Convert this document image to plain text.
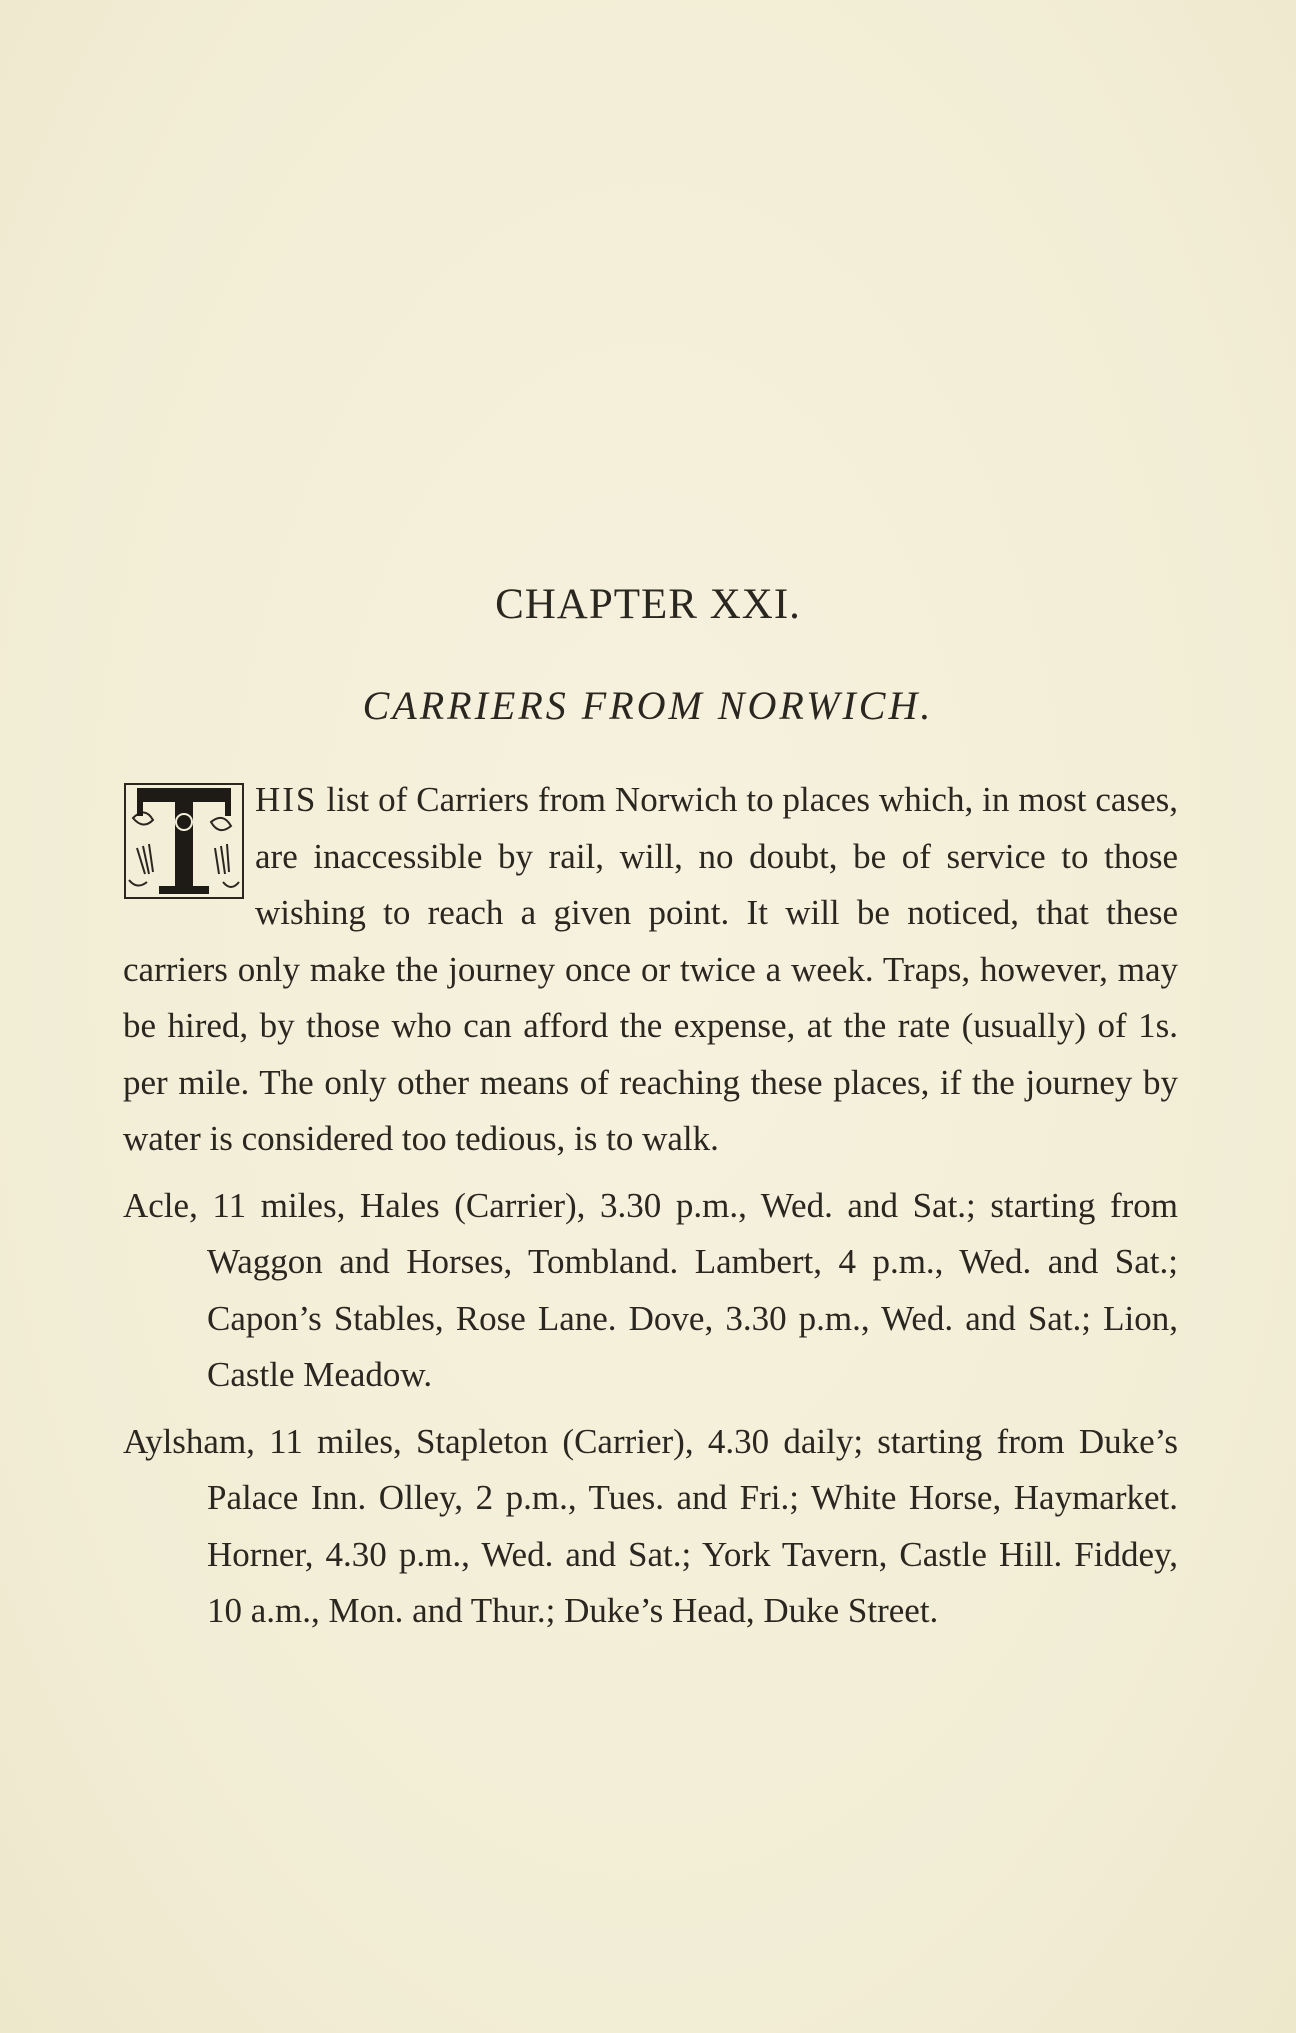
CHAPTER XXI.
CARRIERS FROM NORWICH.

HIS list of Carriers from Norwich to places which, in most cases, are inaccessible by rail, will, no doubt, be of service to those wishing to reach a given point. It will be noticed, that these carriers only make the journey once or twice a week. Traps, however, may be hired, by those who can afford the expense, at the rate (usually) of 1s. per mile. The only other means of reaching these places, if the journey by water is considered too tedious, is to walk.

Acle, 11 miles, Hales (Carrier), 3.30 p.m., Wed. and Sat.; starting from Waggon and Horses, Tombland. Lambert, 4 p.m., Wed. and Sat.; Capon’s Stables, Rose Lane. Dove, 3.30 p.m., Wed. and Sat.; Lion, Castle Meadow.

Aylsham, 11 miles, Stapleton (Carrier), 4.30 daily; starting from Duke’s Palace Inn. Olley, 2 p.m., Tues. and Fri.; White Horse, Haymarket. Horner, 4.30 p.m., Wed. and Sat.; York Tavern, Castle Hill. Fiddey, 10 a.m., Mon. and Thur.; Duke’s Head, Duke Street.
